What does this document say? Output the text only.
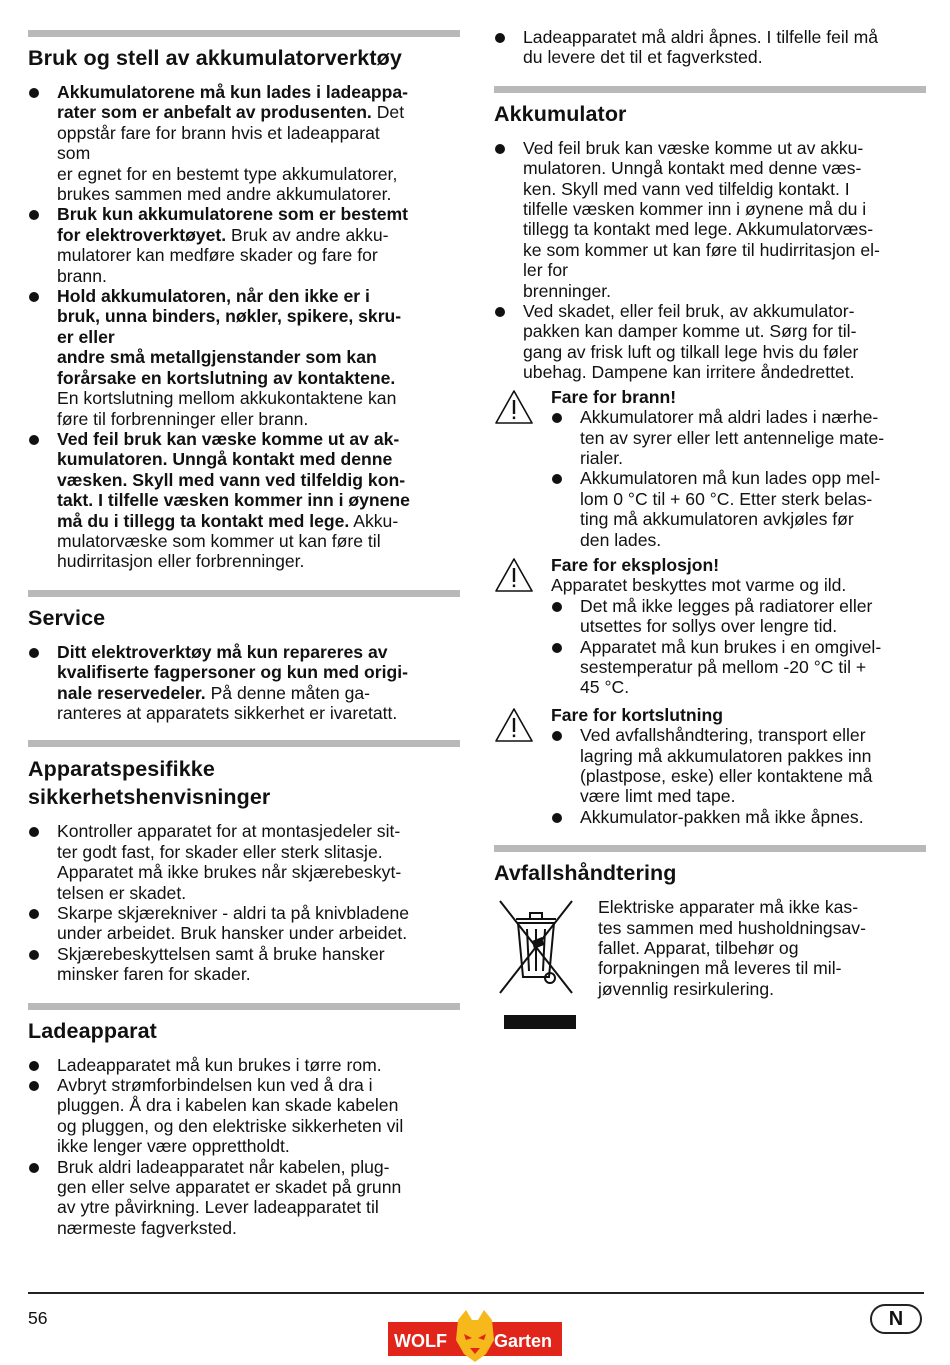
Bruk og stell av akkumulatorverktøy
Akkumulatorene må kun lades i ladeappa-
rater som er anbefalt av produsenten. Det
oppstår fare for brann hvis et ladeapparat
som
er egnet for en bestemt type akkumulatorer,
brukes sammen med andre akkumulatorer.
Bruk kun akkumulatorene som er bestemt
for elektroverktøyet. Bruk av andre akku-
mulatorer kan medføre skader og fare for
brann.
Hold akkumulatoren, når den ikke er i
bruk, unna binders, nøkler, spikere, skru-
er eller
andre små metallgjenstander som kan
forårsake en kortslutning av kontaktene.
En kortslutning mellom akkukontaktene kan
føre til forbrenninger eller brann.
Ved feil bruk kan væske komme ut av ak-
kumulatoren. Unngå kontakt med denne
væsken. Skyll med vann ved tilfeldig kon-
takt. I tilfelle væsken kommer inn i øynene
må du i tillegg ta kontakt med lege. Akku-
mulatorvæske som kommer ut kan føre til
hudirritasjon eller forbrenninger.
Service
Ditt elektroverktøy må kun repareres av
kvalifiserte fagpersoner og kun med origi-
nale reservedeler. På denne måten ga-
ranteres at apparatets sikkerhet er ivaretatt.
Apparatspesifikke
sikkerhetshenvisninger
Kontroller apparatet for at montasjedeler sit-
ter godt fast, for skader eller sterk slitasje.
Apparatet må ikke brukes når skjærebeskyt-
telsen er skadet.
Skarpe skjærekniver - aldri ta på knivbladene
under arbeidet. Bruk hansker under arbeidet.
Skjærebeskyttelsen samt å bruke hansker
minsker faren for skader.
Ladeapparat
Ladeapparatet må kun brukes i tørre rom.
Avbryt strømforbindelsen kun ved å dra i
pluggen. Å dra i kabelen kan skade kabelen
og pluggen, og den elektriske sikkerheten vil
ikke lenger være opprettholdt.
Bruk aldri ladeapparatet når kabelen, plug-
gen eller selve apparatet er skadet på grunn
av ytre påvirkning. Lever ladeapparatet til
nærmeste fagverksted.
Ladeapparatet må aldri åpnes. I tilfelle feil må
du levere det til et fagverksted.
Akkumulator
Ved feil bruk kan væske komme ut av akku-
mulatoren. Unngå kontakt med denne væs-
ken. Skyll med vann ved tilfeldig kontakt. I
tilfelle væsken kommer inn i øynene må du i
tillegg ta kontakt med lege. Akkumulatorvæs-
ke som kommer ut kan føre til hudirritasjon el-
ler for
brenninger.
Ved skadet, eller feil bruk, av akkumulator-
pakken kan damper komme ut. Sørg for til-
gang av frisk luft og tilkall lege hvis du føler
ubehag. Dampene kan irritere åndedrettet.
Fare for brann!
Akkumulatorer må aldri lades i nærhe-
ten av syrer eller lett antennelige mate-
rialer.
Akkumulatoren må kun lades opp mel-
lom 0 °C til + 60 °C. Etter sterk belas-
ting må akkumulatoren avkjøles før
den lades.
Fare for eksplosjon!
Apparatet beskyttes mot varme og ild.
Det må ikke legges på radiatorer eller
utsettes for sollys over lengre tid.
Apparatet må kun brukes i en omgivel-
sestemperatur på mellom -20 °C til +
45 °C.
Fare for kortslutning
Ved avfallshåndtering, transport eller
lagring må akkumulatoren pakkes inn
(plastpose, eske) eller kontaktene må
være limt med tape.
Akkumulator-pakken må ikke åpnes.
Avfallshåndtering
Elektriske apparater må ikke kas-
tes sammen med husholdningsav-
fallet. Apparat, tilbehør og
forpakningen må leveres til mil-
jøvennlig resirkulering.
56	N
WOLF	Garten
